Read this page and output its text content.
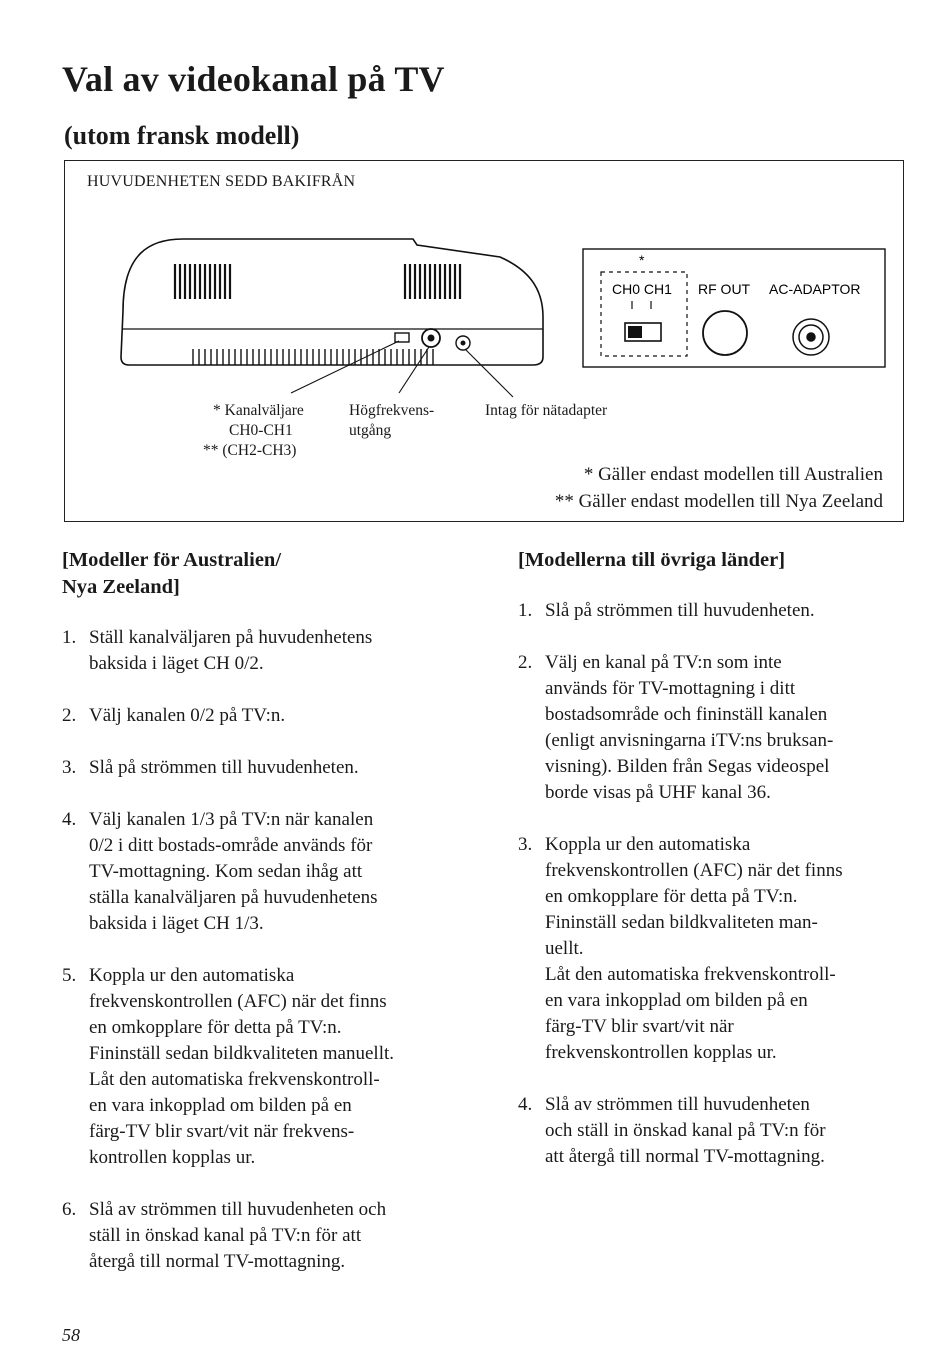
Val av videokanal på TV
(utom fransk modell)
HUVUDENHETEN SEDD BAKIFRÅN
*
CH0 CH1 RF OUT AC-ADAPTOR
* Kanalväljare
CH0-CH1
** (CH2-CH3)
Högfrekvens-
utgång
Intag för nätadapter
* Gäller endast modellen till Australien
** Gäller endast modellen till Nya Zeeland
[Modeller för Australien/
Nya Zeeland]
1. Ställ kanalväljaren på huvudenhetens
baksida i läget CH 0/2.
2. Välj kanalen 0/2 på TV:n.
3. Slå på strömmen till huvudenheten.
4. Välj kanalen 1/3 på TV:n när kanalen
0/2 i ditt bostads-område används för
TV-mottagning. Kom sedan ihåg att
ställa kanalväljaren på huvudenhetens
baksida i läget CH 1/3.
5. Koppla ur den automatiska
frekvenskontrollen (AFC) när det finns
en omkopplare för detta på TV:n.
Fininställ sedan bildkvaliteten manuellt.
Låt den automatiska frekvenskontroll-
en vara inkopplad om bilden på en
färg-TV blir svart/vit när frekvens-
kontrollen kopplas ur.
6. Slå av strömmen till huvudenheten och
ställ in önskad kanal på TV:n för att
återgå till normal TV-mottagning.
[Modellerna till övriga länder]
1. Slå på strömmen till huvudenheten.
2. Välj en kanal på TV:n som inte
används för TV-mottagning i ditt
bostadsområde och fininställ kanalen
(enligt anvisningarna iTV:ns bruksan-
visning). Bilden från Segas videospel
borde visas på UHF kanal 36.
3. Koppla ur den automatiska
frekvenskontrollen (AFC) när det finns
en omkopplare för detta på TV:n.
Fininställ sedan bildkvaliteten man-
uellt.
Låt den automatiska frekvenskontroll-
en vara inkopplad om bilden på en
färg-TV blir svart/vit när
frekvenskontrollen kopplas ur.
4. Slå av strömmen till huvudenheten
och ställ in önskad kanal på TV:n för
att återgå till normal TV-mottagning.
58
